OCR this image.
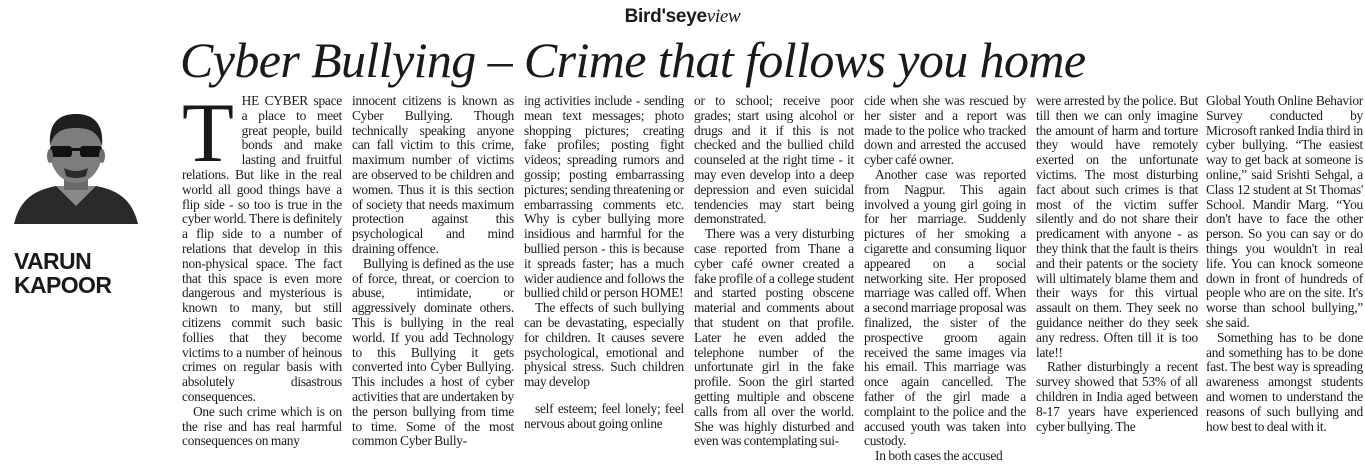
Bird'seyeview
Cyber Bullying – Crime that follows you home
VARUN
KAPOOR

THE CYBER space a place to meet great people, build bonds and make lasting and fruitful relations. But like in the real world all good things have a flip side - so too is true in the cyber world. There is definitely a flip side to a number of relations that develop in this non-physical space. The fact that this space is even more dangerous and mysterious is known to many, but still citizens commit such basic follies that they become victims to a number of heinous crimes on regular basis with absolutely disastrous consequences.

One such crime which is on the rise and has real harmful consequences on many

innocent citizens is known as Cyber Bullying. Though technically speaking anyone can fall victim to this crime, maximum number of victims are observed to be children and women. Thus it is this section of society that needs maximum protection against this psychological and mind draining offence.

Bullying is defined as the use of force, threat, or coercion to abuse, intimidate, or aggressively dominate others. This is bullying in the real world. If you add Technology to this Bullying it gets converted into Cyber Bullying. This includes a host of cyber activities that are undertaken by the person bullying from time to time. Some of the most common Cyber Bully-

ing activities include - sending mean text messages; photo shopping pictures; creating fake profiles; posting fight videos; spreading rumors and gossip; posting embarrassing pictures; sending threatening or embarrassing comments etc. Why is cyber bullying more insidious and harmful for the bullied person - this is because it spreads faster; has a much wider audience and follows the bullied child or person HOME!

The effects of such bullying can be devastating, especially for children. It causes severe psychological, emotional and physical stress. Such children may develop

self esteem; feel lonely; feel nervous about going online

or to school; receive poor grades; start using alcohol or drugs and it if this is not checked and the bullied child counseled at the right time - it may even develop into a deep depression and even suicidal tendencies may start being demonstrated.

There was a very disturbing case reported from Thane a cyber café owner created a fake profile of a college student and started posting obscene material and comments about that student on that profile. Later he even added the telephone number of the unfortunate girl in the fake profile. Soon the girl started getting multiple and obscene calls from all over the world. She was highly disturbed and even was contemplating sui-

cide when she was rescued by her sister and a report was made to the police who tracked down and arrested the accused cyber café owner.

Another case was reported from Nagpur. This again involved a young girl going in for her marriage. Suddenly pictures of her smoking a cigarette and consuming liquor appeared on a social networking site. Her proposed marriage was called off. When a second marriage proposal was finalized, the sister of the prospective groom again received the same images via his email. This marriage was once again cancelled. The father of the girl made a complaint to the police and the accused youth was taken into custody.

In both cases the accused

were arrested by the police. But till then we can only imagine the amount of harm and torture they would have remotely exerted on the unfortunate victims. The most disturbing fact about such crimes is that most of the victim suffer silently and do not share their predicament with anyone - as they think that the fault is theirs and their patents or the society will ultimately blame them and their ways for this virtual assault on them. They seek no guidance neither do they seek any redress. Often till it is too late!!

Rather disturbingly a recent survey showed that 53% of all children in India aged between 8-17 years have experienced cyber bullying. The

Global Youth Online Behavior Survey conducted by Microsoft ranked India third in cyber bullying. “The easiest way to get back at someone is online,” said Srishti Sehgal, a Class 12 student at St Thomas' School. Mandir Marg. “You don't have to face the other person. So you can say or do things you wouldn't in real life. You can knock someone down in front of hundreds of people who are on the site. It's worse than school bullying,” she said.

Something has to be done and something has to be done fast. The best way is spreading awareness amongst students and women to understand the reasons of such bullying and how best to deal with it.
